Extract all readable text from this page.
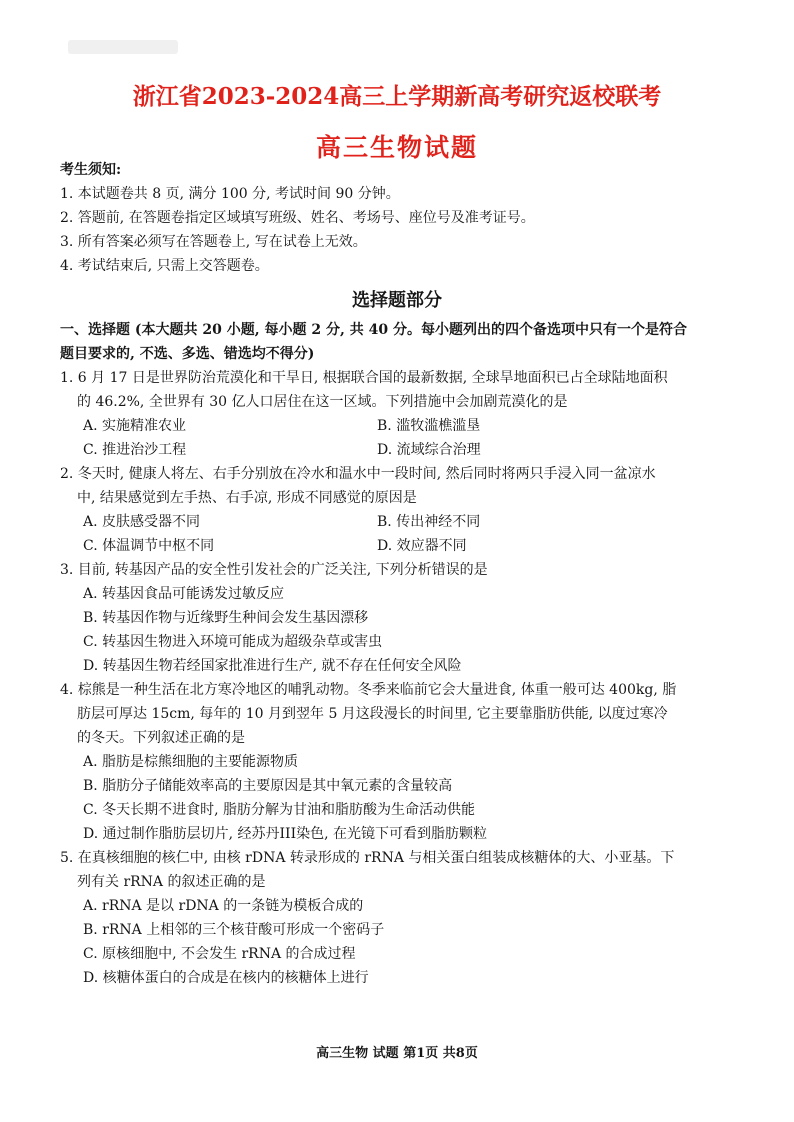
浙江省2023-2024高三上学期新高考研究返校联考
高三生物试题
考生须知:
1. 本试题卷共 8 页, 满分 100 分, 考试时间 90 分钟。
2. 答题前, 在答题卷指定区域填写班级、姓名、考场号、座位号及准考证号。
3. 所有答案必须写在答题卷上, 写在试卷上无效。
4. 考试结束后, 只需上交答题卷。
选择题部分
一、选择题 (本大题共 20 小题, 每小题 2 分, 共 40 分。每小题列出的四个备选项中只有一个是符合
题目要求的, 不选、多选、错选均不得分)
1. 6 月 17 日是世界防治荒漠化和干旱日, 根据联合国的最新数据, 全球旱地面积已占全球陆地面积
的 46.2%, 全世界有 30 亿人口居住在这一区域。下列措施中会加剧荒漠化的是
A. 实施精准农业	B. 滥牧滥樵滥垦
C. 推进治沙工程	D. 流域综合治理
2. 冬天时, 健康人将左、右手分别放在冷水和温水中一段时间, 然后同时将两只手浸入同一盆凉水
中, 结果感觉到左手热、右手凉, 形成不同感觉的原因是
A. 皮肤感受器不同	B. 传出神经不同
C. 体温调节中枢不同	D. 效应器不同
3. 目前, 转基因产品的安全性引发社会的广泛关注, 下列分析错误的是
A. 转基因食品可能诱发过敏反应
B. 转基因作物与近缘野生种间会发生基因漂移
C. 转基因生物进入环境可能成为超级杂草或害虫
D. 转基因生物若经国家批准进行生产, 就不存在任何安全风险
4. 棕熊是一种生活在北方寒冷地区的哺乳动物。冬季来临前它会大量进食, 体重一般可达 400kg, 脂
肪层可厚达 15cm, 每年的 10 月到翌年 5 月这段漫长的时间里, 它主要靠脂肪供能, 以度过寒冷
的冬天。下列叙述正确的是
A. 脂肪是棕熊细胞的主要能源物质
B. 脂肪分子储能效率高的主要原因是其中氧元素的含量较高
C. 冬天长期不进食时, 脂肪分解为甘油和脂肪酸为生命活动供能
D. 通过制作脂肪层切片, 经苏丹III染色, 在光镜下可看到脂肪颗粒
5. 在真核细胞的核仁中, 由核 rDNA 转录形成的 rRNA 与相关蛋白组装成核糖体的大、小亚基。下
列有关 rRNA 的叙述正确的是
A. rRNA 是以 rDNA 的一条链为模板合成的
B. rRNA 上相邻的三个核苷酸可形成一个密码子
C. 原核细胞中, 不会发生 rRNA 的合成过程
D. 核糖体蛋白的合成是在核内的核糖体上进行
高三生物 试题 第1页 共8页
